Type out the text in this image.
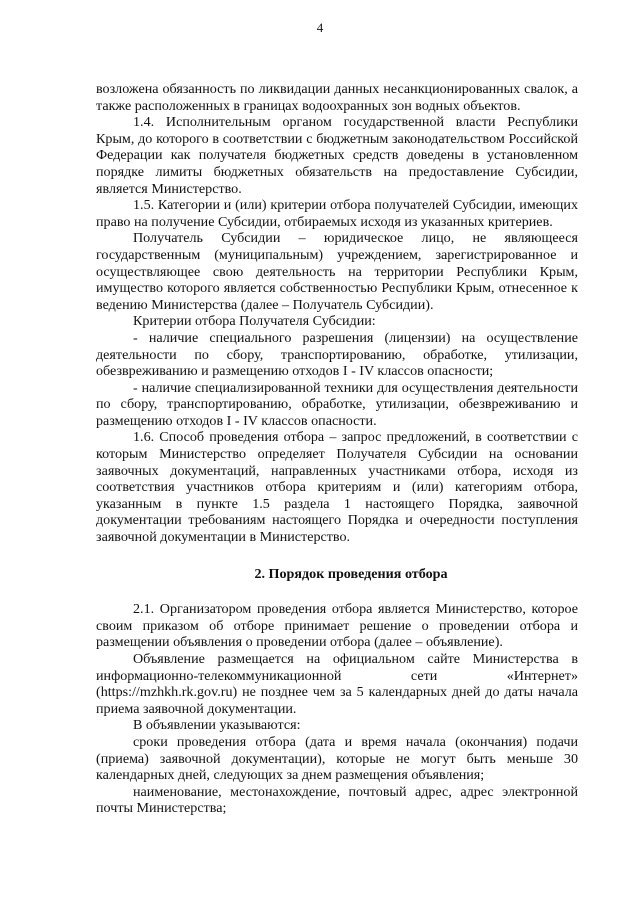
4

возложена обязанность по ликвидации данных несанкционированных свалок, а также расположенных в границах водоохранных зон водных объектов.

1.4. Исполнительным органом государственной власти Республики Крым, до которого в соответствии с бюджетным законодательством Российской Федерации как получателя бюджетных средств доведены в установленном порядке лимиты бюджетных обязательств на предоставление Субсидии, является Министерство.

1.5. Категории и (или) критерии отбора получателей Субсидии, имеющих право на получение Субсидии, отбираемых исходя из указанных критериев.

Получатель Субсидии – юридическое лицо, не являющееся государственным (муниципальным) учреждением, зарегистрированное и осуществляющее свою деятельность на территории Республики Крым, имущество которого является собственностью Республики Крым, отнесенное к ведению Министерства (далее – Получатель Субсидии).

Критерии отбора Получателя Субсидии:

- наличие специального разрешения (лицензии) на осуществление деятельности по сбору, транспортированию, обработке, утилизации, обезвреживанию и размещению отходов I - IV классов опасности;

- наличие специализированной техники для осуществления деятельности по сбору, транспортированию, обработке, утилизации, обезвреживанию и размещению отходов I - IV классов опасности.

1.6. Способ проведения отбора – запрос предложений, в соответствии с которым Министерство определяет Получателя Субсидии на основании заявочных документаций, направленных участниками отбора, исходя из соответствия участников отбора критериям и (или) категориям отбора, указанным в пункте 1.5 раздела 1 настоящего Порядка, заявочной документации требованиям настоящего Порядка и очередности поступления заявочной документации в Министерство.

2. Порядок проведения отбора

2.1. Организатором проведения отбора является Министерство, которое своим приказом об отборе принимает решение о проведении отбора и размещении объявления о проведении отбора (далее – объявление).

Объявление размещается на официальном сайте Министерства в информационно-телекоммуникационной сети «Интернет» (https://mzhkh.rk.gov.ru) не позднее чем за 5 календарных дней до даты начала приема заявочной документации.

В объявлении указываются:

сроки проведения отбора (дата и время начала (окончания) подачи (приема) заявочной документации), которые не могут быть меньше 30 календарных дней, следующих за днем размещения объявления;

наименование, местонахождение, почтовый адрес, адрес электронной почты Министерства;
